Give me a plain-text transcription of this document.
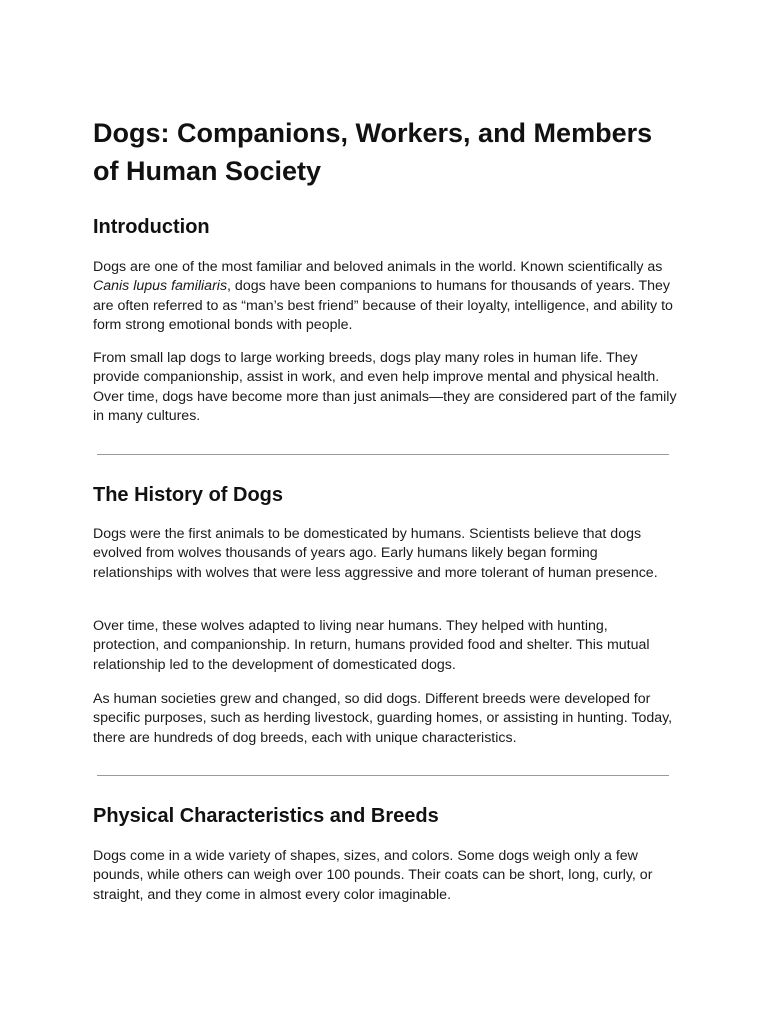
Dogs: Companions, Workers, and Members of Human Society
Introduction

Dogs are one of the most familiar and beloved animals in the world. Known scientifically as Canis lupus familiaris, dogs have been companions to humans for thousands of years. They are often referred to as “man’s best friend” because of their loyalty, intelligence, and ability to form strong emotional bonds with people.

From small lap dogs to large working breeds, dogs play many roles in human life. They provide companionship, assist in work, and even help improve mental and physical health. Over time, dogs have become more than just animals—they are considered part of the family in many cultures.

The History of Dogs

Dogs were the first animals to be domesticated by humans. Scientists believe that dogs evolved from wolves thousands of years ago. Early humans likely began forming relationships with wolves that were less aggressive and more tolerant of human presence.

Over time, these wolves adapted to living near humans. They helped with hunting, protection, and companionship. In return, humans provided food and shelter. This mutual relationship led to the development of domesticated dogs.

As human societies grew and changed, so did dogs. Different breeds were developed for specific purposes, such as herding livestock, guarding homes, or assisting in hunting. Today, there are hundreds of dog breeds, each with unique characteristics.

Physical Characteristics and Breeds

Dogs come in a wide variety of shapes, sizes, and colors. Some dogs weigh only a few pounds, while others can weigh over 100 pounds. Their coats can be short, long, curly, or straight, and they come in almost every color imaginable.
